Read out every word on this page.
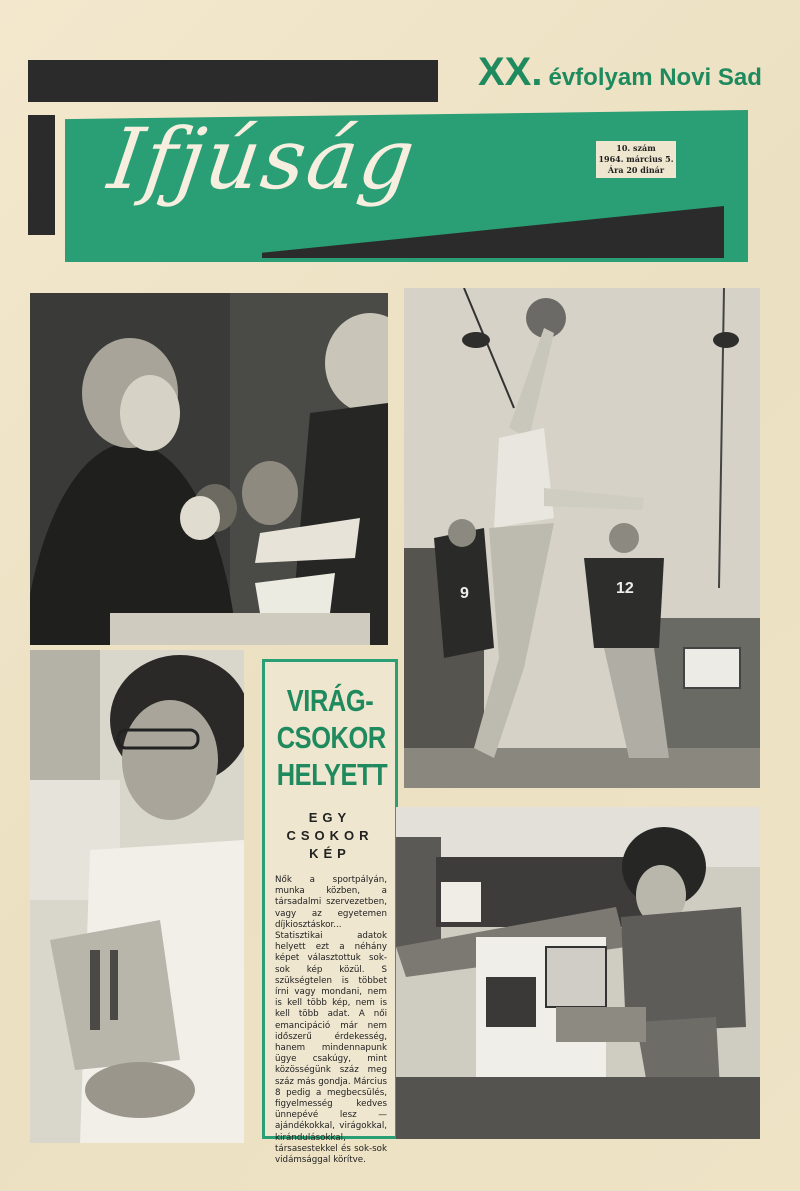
XX. évfolyam Novi Sad
Ifjúság	10. szám
1964. március 5.
Ára 20 dinár
9	12
VIRÁG-
CSOKOR
HELYETT
EGY
CSOKOR
KÉP
Nők a sportpályán, munka közben, a társadalmi szervezetben, vagy az egyetemen díjkiosztáskor... Statisztikai adatok helyett ezt a néhány képet választottuk sok-sok kép közül. S szükségtelen is többet írni vagy mondani, nem is kell több kép, nem is kell több adat. A női emancipáció már nem időszerű érdekesség, hanem mindennapunk ügye csakúgy, mint közösségünk száz meg száz más gondja. Március 8 pedig a megbecsülés, figyelmesség kedves ünnepévé lesz — ajándékokkal, virágokkal, kirándulásokkal, társasestekkel és sok-sok vidámsággal körítve.
